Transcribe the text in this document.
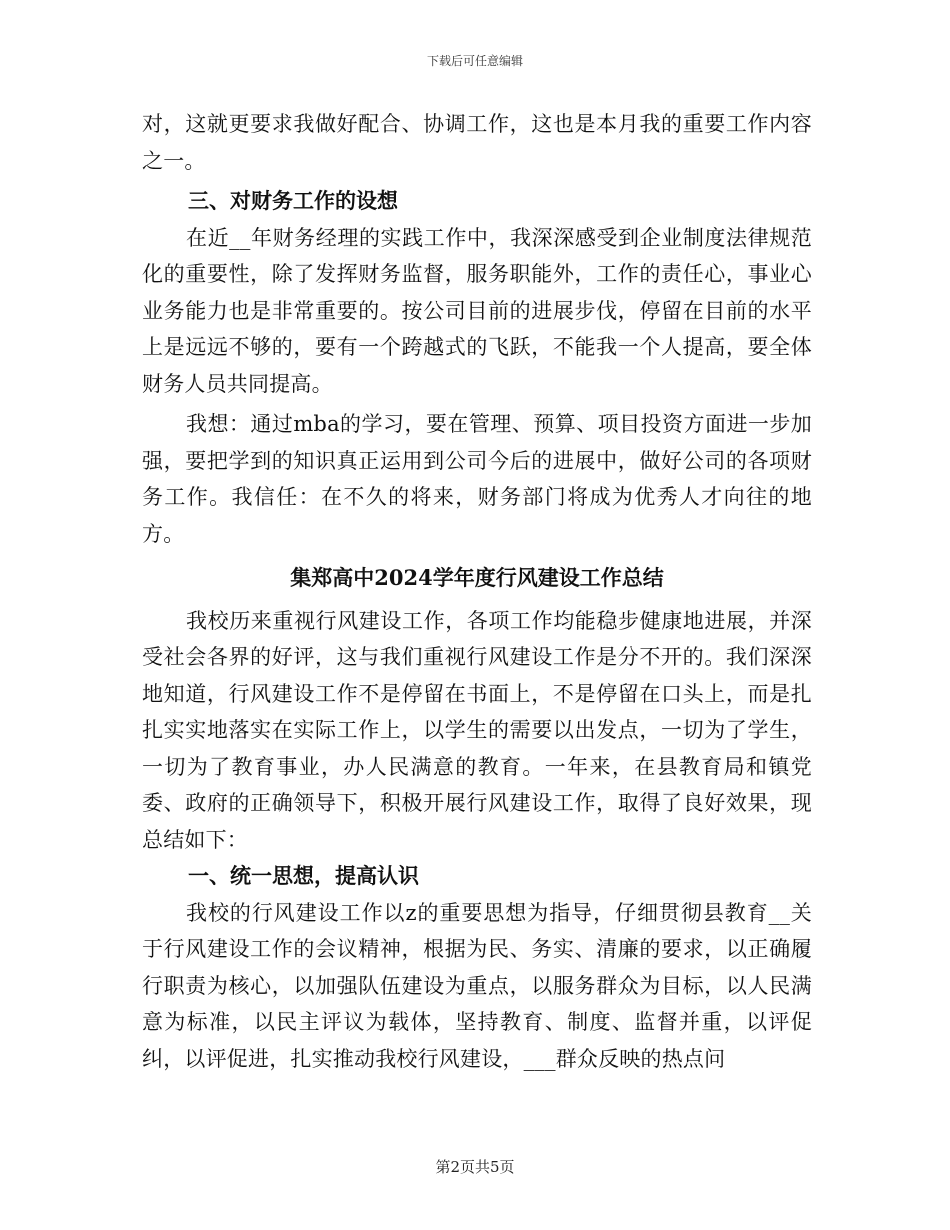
下载后可任意编辑

对，这就更要求我做好配合、协调工作，这也是本月我的重要工作内容之一。

三、对财务工作的设想

在近__年财务经理的实践工作中，我深深感受到企业制度法律规范化的重要性，除了发挥财务监督，服务职能外，工作的责任心，事业心业务能力也是非常重要的。按公司目前的进展步伐，停留在目前的水平上是远远不够的，要有一个跨越式的飞跃，不能我一个人提高，要全体财务人员共同提高。

我想：通过mba的学习，要在管理、预算、项目投资方面进一步加强，要把学到的知识真正运用到公司今后的进展中，做好公司的各项财务工作。我信任：在不久的将来，财务部门将成为优秀人才向往的地方。

集郑高中2024学年度行风建设工作总结

我校历来重视行风建设工作，各项工作均能稳步健康地进展，并深受社会各界的好评，这与我们重视行风建设工作是分不开的。我们深深地知道，行风建设工作不是停留在书面上，不是停留在口头上，而是扎扎实实地落实在实际工作上，以学生的需要以出发点，一切为了学生，一切为了教育事业，办人民满意的教育。一年来，在县教育局和镇党委、政府的正确领导下，积极开展行风建设工作，取得了良好效果，现总结如下：

一、统一思想，提高认识

我校的行风建设工作以z的重要思想为指导，仔细贯彻县教育__关于行风建设工作的会议精神，根据为民、务实、清廉的要求，以正确履行职责为核心，以加强队伍建设为重点，以服务群众为目标，以人民满意为标准，以民主评议为载体，坚持教育、制度、监督并重，以评促纠，以评促进，扎实推动我校行风建设，___群众反映的热点问

第2页共5页
